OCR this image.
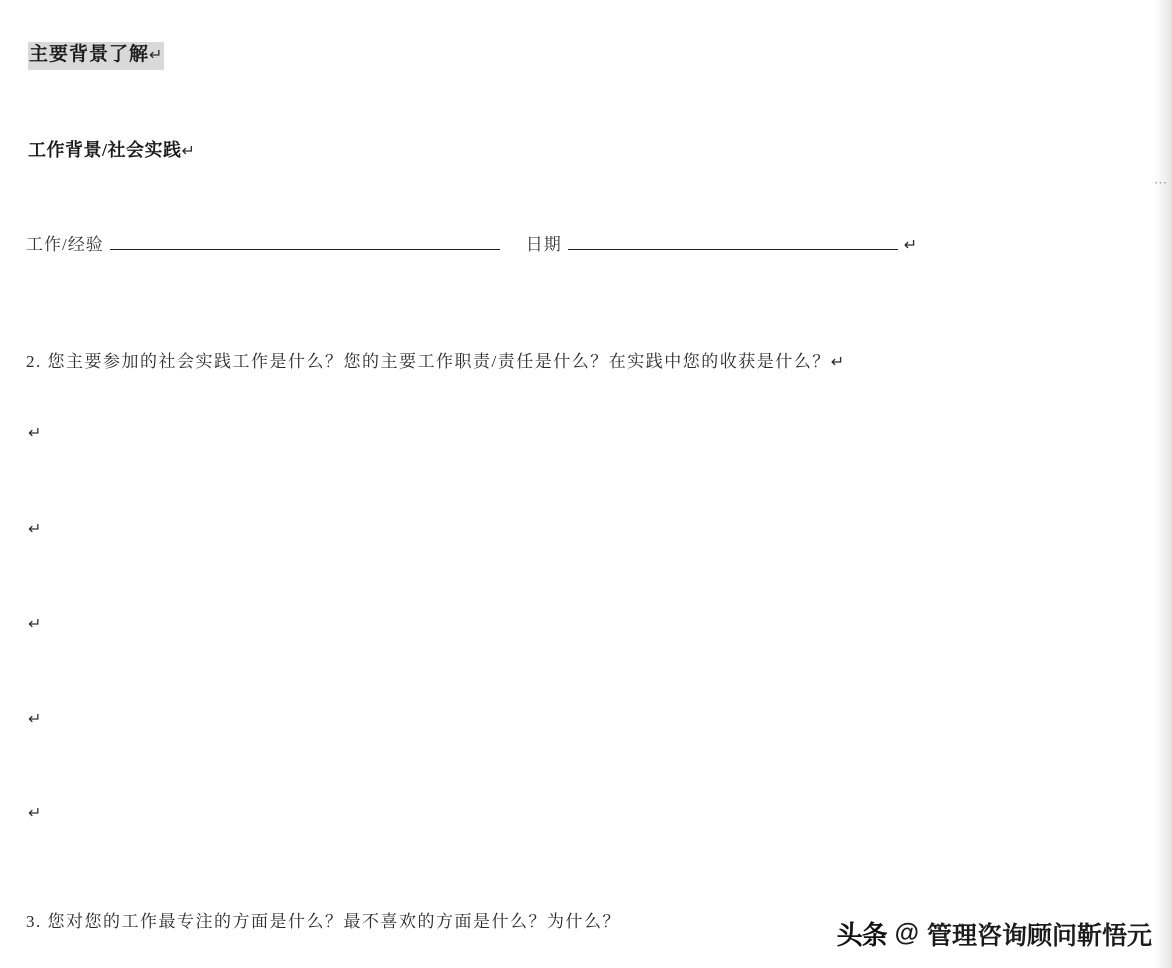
主要背景了解↵
工作背景/社会实践↵
工作/经验	日期	↵
2. 您主要参加的社会实践工作是什么？您的主要工作职责/责任是什么？在实践中您的收获是什么？↵
↵
↵
↵
↵
↵
3. 您对您的工作最专注的方面是什么？最不喜欢的方面是什么？为什么？
⋯
头条 @ 管理咨询顾问靳悟元
